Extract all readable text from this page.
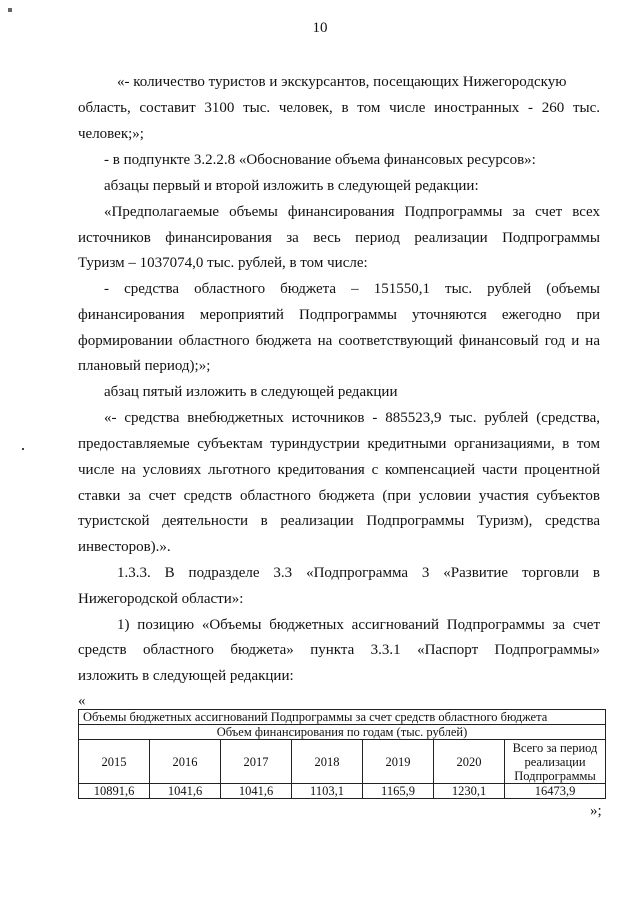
10
«- количество туристов и экскурсантов, посещающих Нижегородскую
область, составит 3100 тыс. человек, в том числе иностранных - 260 тыс.
человек;»;
- в подпункте 3.2.2.8 «Обоснование объема финансовых ресурсов»:
абзацы первый и второй изложить в следующей редакции:
«Предполагаемые объемы финансирования Подпрограммы за счет всех
источников финансирования за весь период реализации Подпрограммы
Туризм – 1037074,0 тыс. рублей, в том числе:
- средства областного бюджета – 151550,1 тыс. рублей (объемы
финансирования мероприятий Подпрограммы уточняются ежегодно при
формировании областного бюджета на соответствующий финансовый год и на
плановый период);»;
абзац пятый изложить в следующей редакции
«- средства внебюджетных источников - 885523,9 тыс. рублей (средства,
предоставляемые субъектам туриндустрии кредитными организациями, в том
числе на условиях льготного кредитования с компенсацией части процентной
ставки за счет средств областного бюджета (при условии участия субъектов
туристской деятельности в реализации Подпрограммы Туризм), средства
инвесторов).».
1.3.3. В подразделе 3.3 «Подпрограмма 3 «Развитие торговли в
Нижегородской области»:
1) позицию «Объемы бюджетных ассигнований Подпрограммы за счет
средств областного бюджета» пункта 3.3.1 «Паспорт Подпрограммы»
изложить в следующей редакции:
«
Объемы бюджетных ассигнований Подпрограммы за счет средств областного бюджета						
Объем финансирования по годам (тыс. рублей)						
2015	2016	2017	2018	2019	2020	Всего за период
реализации
Подпрограммы

10891,6	1041,6	1041,6	1103,1	1165,9	1230,1	16473,9
»;
